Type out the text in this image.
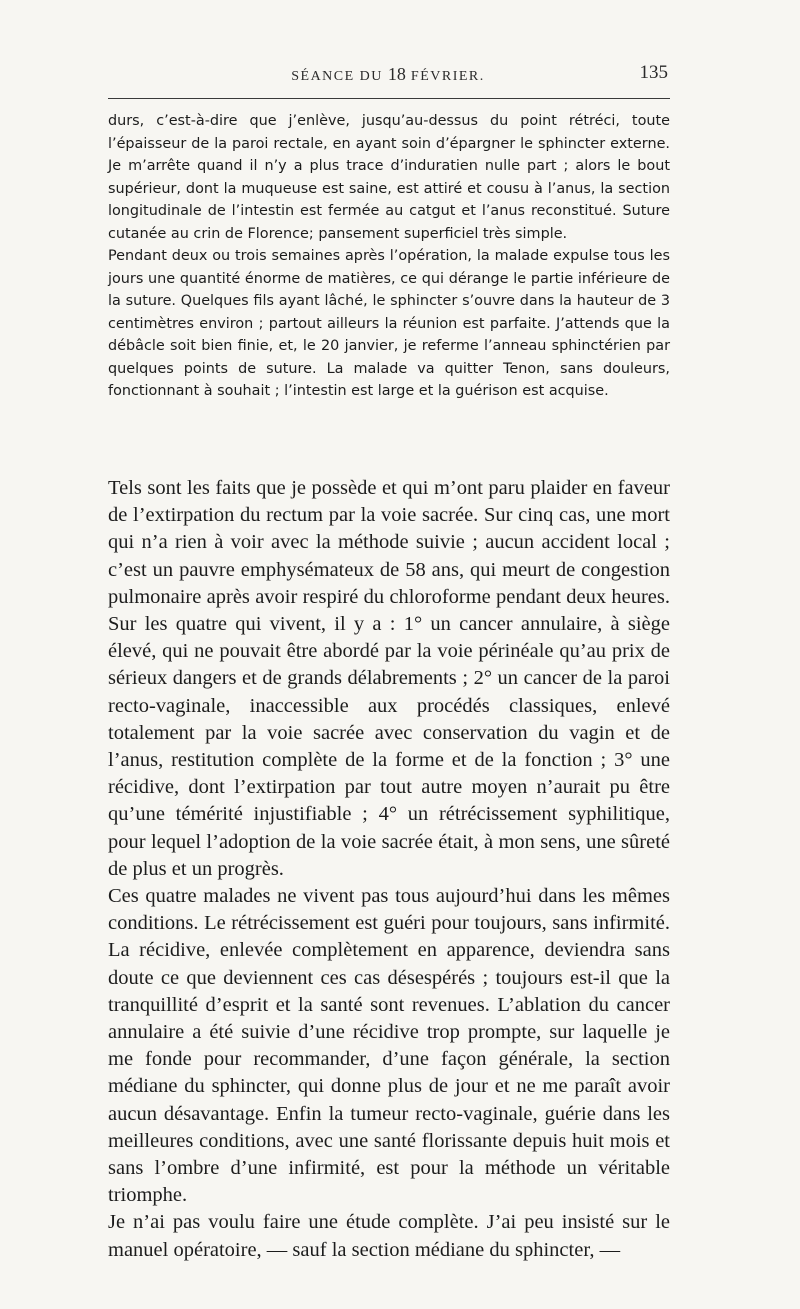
SÉANCE DU 18 FÉVRIER.	135

durs, c’est-à-dire que j’enlève, jusqu’au-dessus du point rétréci, toute l’épaisseur de la paroi rectale, en ayant soin d’épargner le sphincter externe. Je m’arrête quand il n’y a plus trace d’induratien nulle part ; alors le bout supérieur, dont la muqueuse est saine, est attiré et cousu à l’anus, la section longitudinale de l’intestin est fermée au catgut et l’anus reconstitué. Suture cutanée au crin de Florence; pansement superficiel très simple.

Pendant deux ou trois semaines après l’opération, la malade expulse tous les jours une quantité énorme de matières, ce qui dérange le partie inférieure de la suture. Quelques fils ayant lâché, le sphincter s’ouvre dans la hauteur de 3 centimètres environ ; partout ailleurs la réunion est parfaite. J’attends que la débâcle soit bien finie, et, le 20 janvier, je referme l’anneau sphinctérien par quelques points de suture. La malade va quitter Tenon, sans douleurs, fonctionnant à souhait ; l’intestin est large et la guérison est acquise.

Tels sont les faits que je possède et qui m’ont paru plaider en faveur de l’extirpation du rectum par la voie sacrée. Sur cinq cas, une mort qui n’a rien à voir avec la méthode suivie ; aucun accident local ; c’est un pauvre emphysémateux de 58 ans, qui meurt de congestion pulmonaire après avoir respiré du chloroforme pendant deux heures. Sur les quatre qui vivent, il y a : 1° un cancer annulaire, à siège élevé, qui ne pouvait être abordé par la voie périnéale qu’au prix de sérieux dangers et de grands délabrements ; 2° un cancer de la paroi recto-vaginale, inaccessible aux procédés classiques, enlevé totalement par la voie sacrée avec conservation du vagin et de l’anus, restitution complète de la forme et de la fonction ; 3° une récidive, dont l’extirpation par tout autre moyen n’aurait pu être qu’une témérité injustifiable ; 4° un rétrécissement syphilitique, pour lequel l’adoption de la voie sacrée était, à mon sens, une sûreté de plus et un progrès.

Ces quatre malades ne vivent pas tous aujourd’hui dans les mêmes conditions. Le rétrécissement est guéri pour toujours, sans infirmité. La récidive, enlevée complètement en apparence, deviendra sans doute ce que deviennent ces cas désespérés ; toujours est-il que la tranquillité d’esprit et la santé sont revenues. L’ablation du cancer annulaire a été suivie d’une récidive trop prompte, sur laquelle je me fonde pour recommander, d’une façon générale, la section médiane du sphincter, qui donne plus de jour et ne me paraît avoir aucun désavantage. Enfin la tumeur recto-vaginale, guérie dans les meilleures conditions, avec une santé florissante depuis huit mois et sans l’ombre d’une infirmité, est pour la méthode un véritable triomphe.

Je n’ai pas voulu faire une étude complète. J’ai peu insisté sur le manuel opératoire, — sauf la section médiane du sphincter, —
